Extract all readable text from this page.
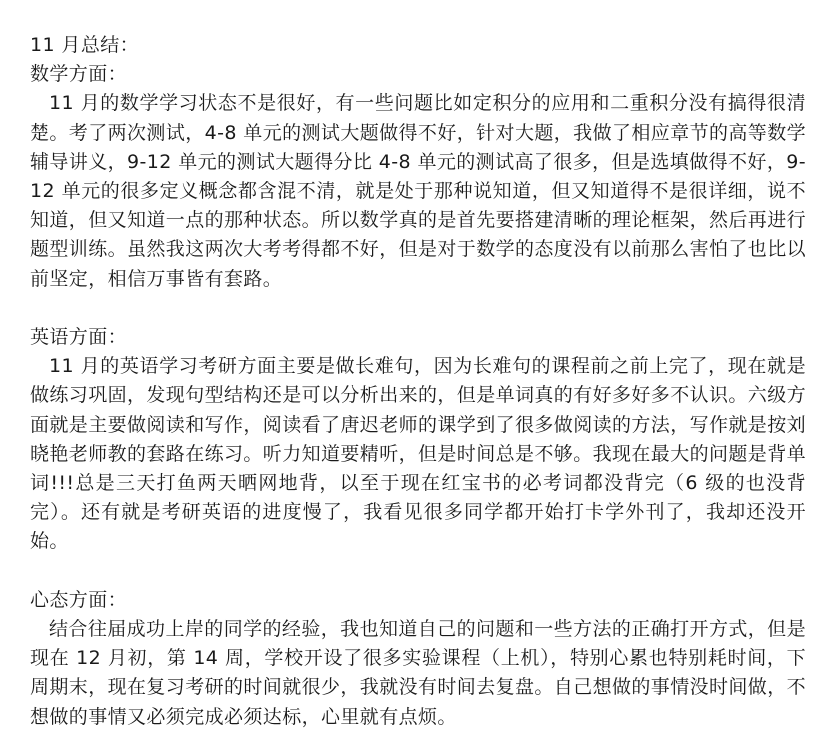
11 月总结：

数学方面：

11 月的数学学习状态不是很好，有一些问题比如定积分的应用和二重积分没有搞得很清楚。考了两次测试，4-8 单元的测试大题做得不好，针对大题，我做了相应章节的高等数学辅导讲义，9-12 单元的测试大题得分比 4-8 单元的测试高了很多，但是选填做得不好，9-12 单元的很多定义概念都含混不清，就是处于那种说知道，但又知道得不是很详细，说不知道，但又知道一点的那种状态。所以数学真的是首先要搭建清晰的理论框架，然后再进行题型训练。虽然我这两次大考考得都不好，但是对于数学的态度没有以前那么害怕了也比以前坚定，相信万事皆有套路。

英语方面：

11 月的英语学习考研方面主要是做长难句，因为长难句的课程前之前上完了，现在就是做练习巩固，发现句型结构还是可以分析出来的，但是单词真的有好多好多不认识。六级方面就是主要做阅读和写作，阅读看了唐迟老师的课学到了很多做阅读的方法，写作就是按刘晓艳老师教的套路在练习。听力知道要精听，但是时间总是不够。我现在最大的问题是背单词!!!总是三天打鱼两天晒网地背，以至于现在红宝书的必考词都没背完（6 级的也没背完）。还有就是考研英语的进度慢了，我看见很多同学都开始打卡学外刊了，我却还没开始。

心态方面：

结合往届成功上岸的同学的经验，我也知道自己的问题和一些方法的正确打开方式，但是现在 12 月初，第 14 周，学校开设了很多实验课程（上机），特别心累也特别耗时间，下周期末，现在复习考研的时间就很少，我就没有时间去复盘。自己想做的事情没时间做，不想做的事情又必须完成必须达标，心里就有点烦。
